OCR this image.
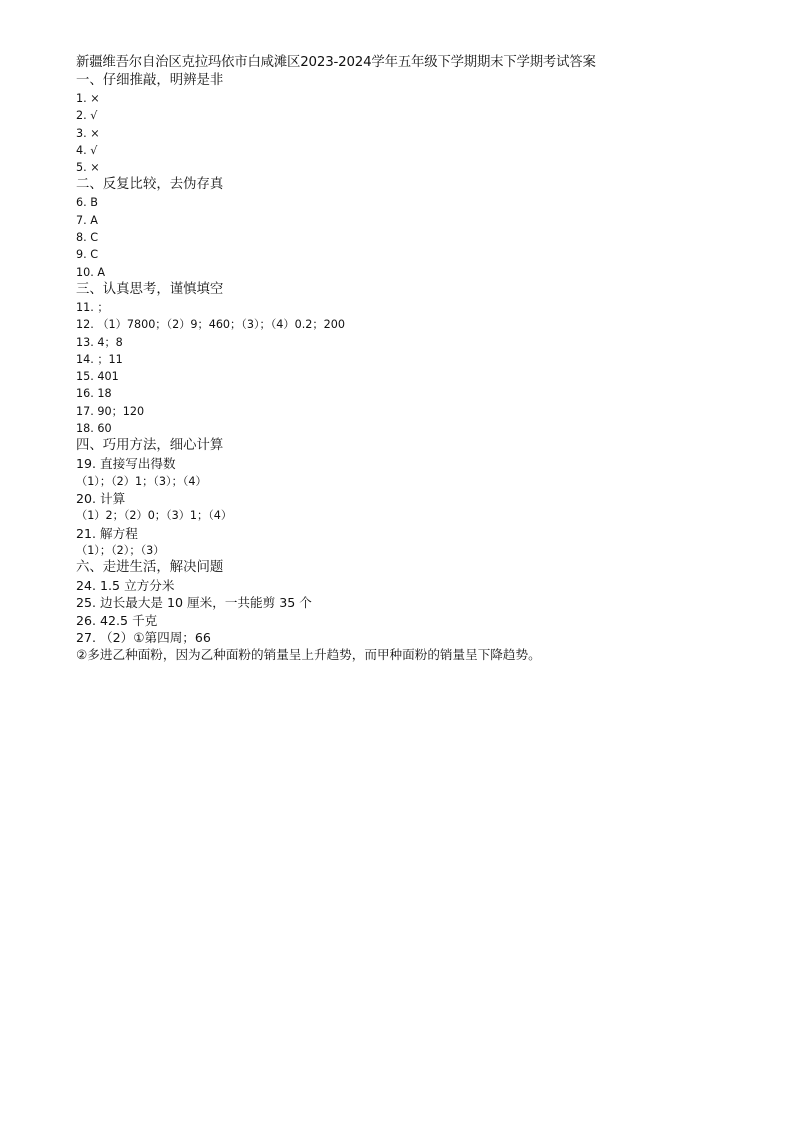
新疆维吾尔自治区克拉玛依市白咸滩区2023-2024学年五年级下学期期末下学期考试答案
一、仔细推敲，明辨是非
1. ×
2. √
3. ×
4. √
5. ×
二、反复比较，去伪存真
6. B
7. A
8. C
9. C
10. A
三、认真思考，谨慎填空
11. ；
12. （1）7800；（2）9；460；（3）；（4）0.2；200
13. 4；8
14. ；11
15. 401
16. 18
17. 90；120
18. 60
四、巧用方法，细心计算
19. 直接写出得数
（1）；（2）1；（3）；（4）
20. 计算
（1）2；（2）0；（3）1；（4）
21. 解方程
（1）；（2）；（3）
六、走进生活，解决问题
24. 1.5 立方分米
25. 边长最大是 10 厘米，一共能剪 35 个
26. 42.5 千克
27. （2）①第四周；66
②多进乙种面粉，因为乙种面粉的销量呈上升趋势，而甲种面粉的销量呈下降趋势。
